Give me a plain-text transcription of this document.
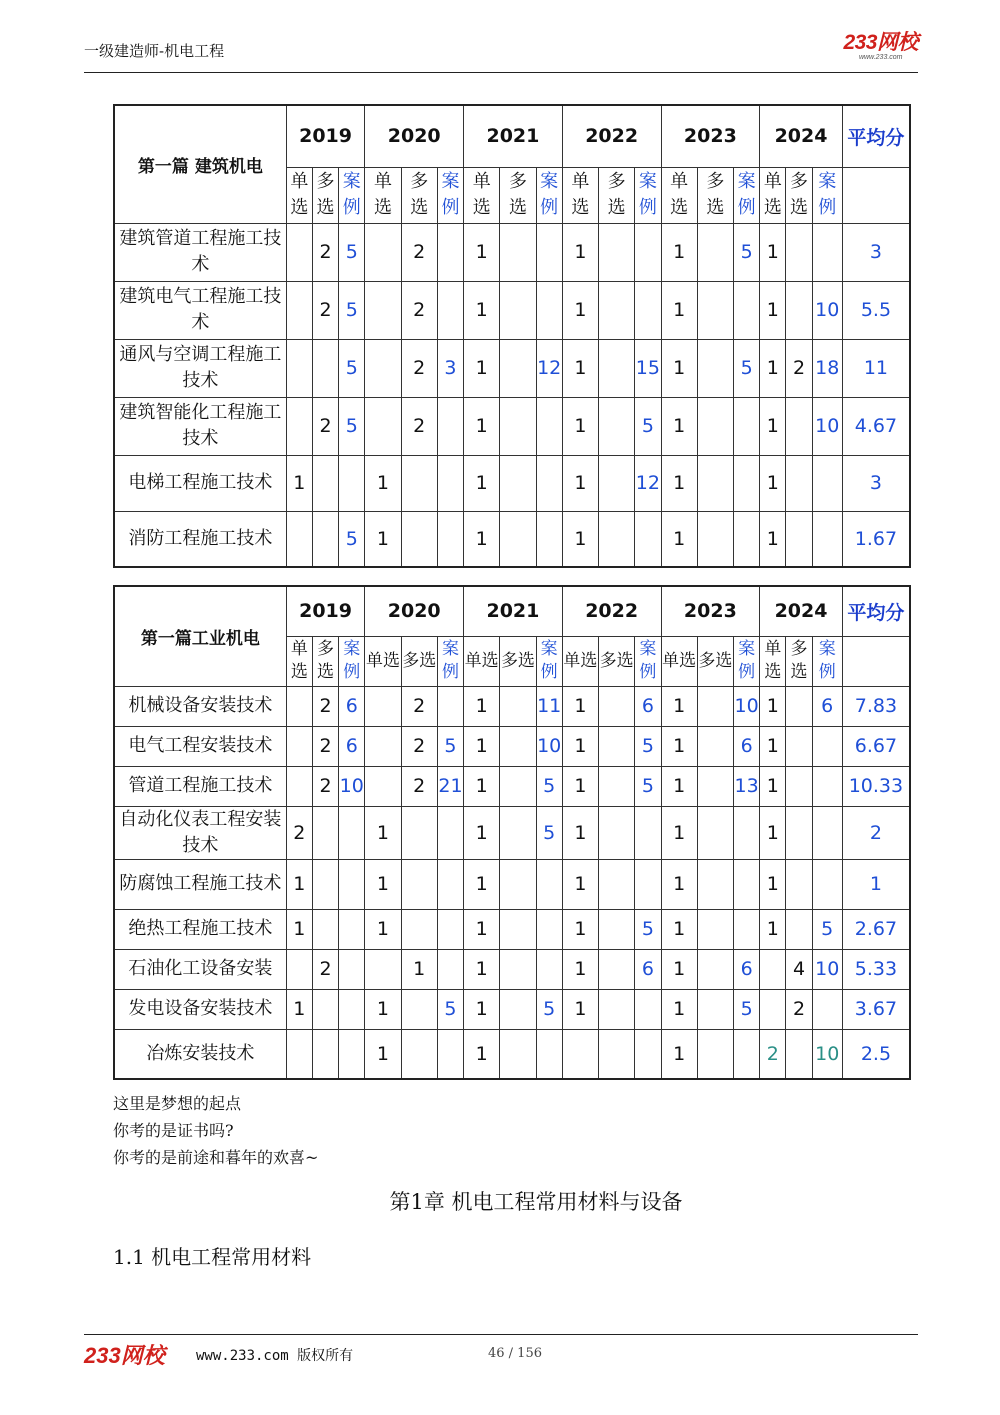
一级建造师-机电工程	233网校
www.233.com
第一篇 建筑机电	2019			2020			2021			2022			2023			2024			平均分
	单选	多选	案例	单选	多选	案例	单选	多选	案例	单选	多选	案例	单选	多选	案例	单选	多选	案例	
建筑管道工程施工技术		2	5		2		1			1			1		5	1			3
建筑电气工程施工技术		2	5		2		1			1			1			1		10	5.5
通风与空调工程施工技术			5		2	3	1		12	1		15	1		5	1	2	18	11
建筑智能化工程施工技术		2	5		2		1			1		5	1			1		10	4.67
电梯工程施工技术	1			1			1			1		12	1			1			3
消防工程施工技术			5	1			1			1			1			1			1.67
第一篇工业机电	2019			2020			2021			2022			2023			2024			平均分
	单选	多选	案例	单选	多选	案例	单选	多选	案例	单选	多选	案例	单选	多选	案例	单选	多选	案例	
机械设备安装技术		2	6		2		1		11	1		6	1		10	1		6	7.83
电气工程安装技术		2	6		2	5	1		10	1		5	1		6	1			6.67
管道工程施工技术		2	10		2	21	1		5	1		5	1		13	1			10.33
自动化仪表工程安装技术	2			1			1		5	1			1			1			2
防腐蚀工程施工技术	1			1			1			1			1			1			1
绝热工程施工技术	1			1			1			1		5	1			1		5	2.67
石油化工设备安装		2			1		1			1		6	1		6		4	10	5.33
发电设备安装技术	1			1		5	1		5	1			1		5		2		3.67
冶炼安装技术				1			1						1			2		10	2.5
这里是梦想的起点
你考的是证书吗?
你考的是前途和暮年的欢喜~
第1章 机电工程常用材料与设备
1.1 机电工程常用材料
233网校 www.233.com 版权所有	46 / 156
